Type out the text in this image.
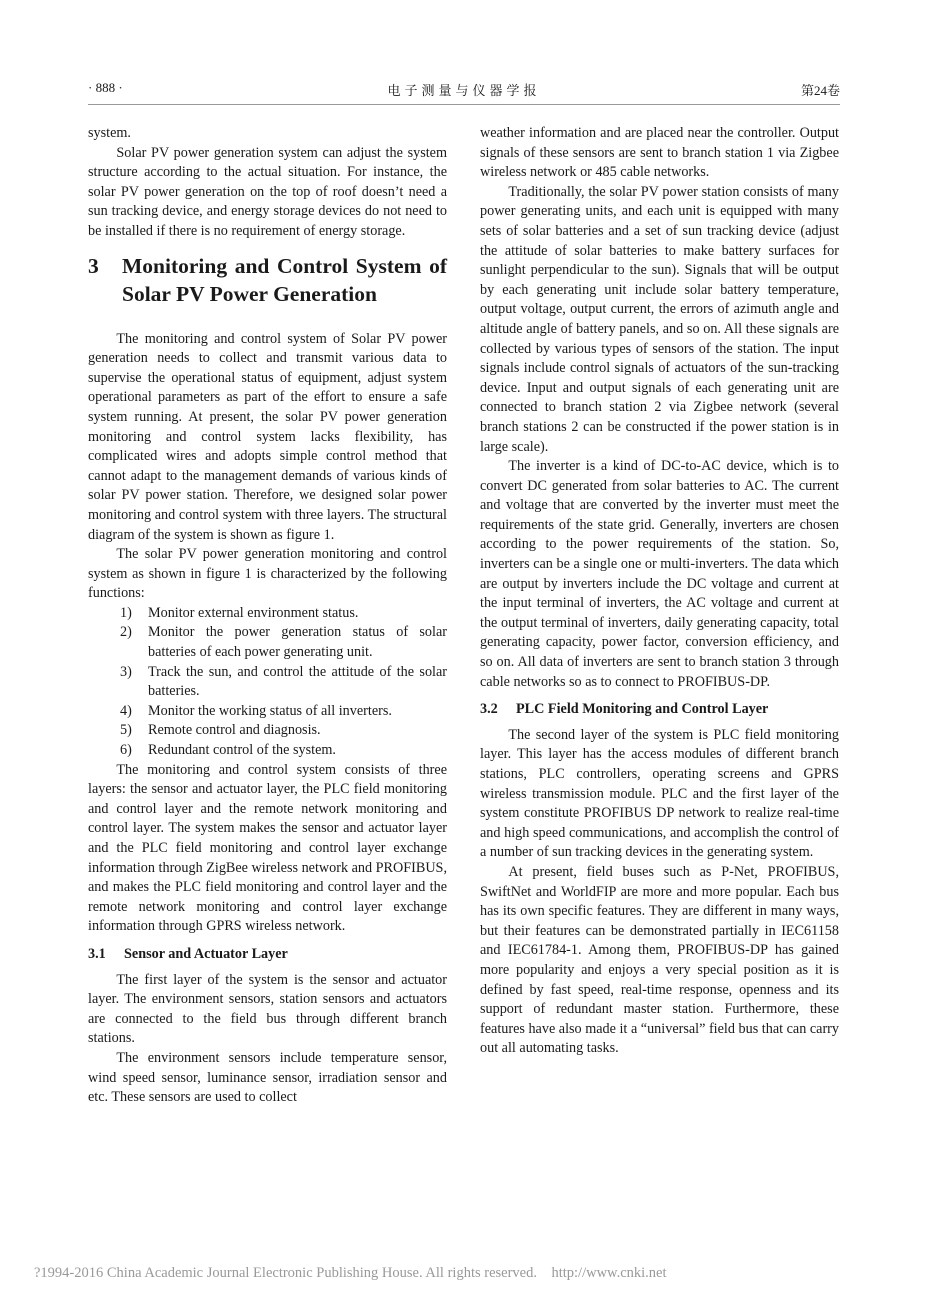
· 888 ·	电子测量与仪器学报	第24卷

system.

Solar PV power generation system can adjust the system structure according to the actual situation. For instance, the solar PV power generation on the top of roof doesn’t need a sun tracking device, and energy storage devices do not need to be installed if there is no requirement of energy storage.

3	Monitoring and Control System of Solar PV Power Generation

The monitoring and control system of Solar PV power generation needs to collect and transmit various data to supervise the operational status of equipment, adjust system operational parameters as part of the effort to ensure a safe system running. At present, the solar PV power generation monitoring and control system lacks flexibility, has complicated wires and adopts simple control method that cannot adapt to the management demands of various kinds of solar PV power station. Therefore, we designed solar power monitoring and control system with three layers. The structural diagram of the system is shown as figure 1.

The solar PV power generation monitoring and control system as shown in figure 1 is characterized by the following functions:

1)	Monitor external environment status.
2)	Monitor the power generation status of solar batteries of each power generating unit.
3)	Track the sun, and control the attitude of the solar batteries.
4)	Monitor the working status of all inverters.
5)	Remote control and diagnosis.
6)	Redundant control of the system.

The monitoring and control system consists of three layers: the sensor and actuator layer, the PLC field monitoring and control layer and the remote network monitoring and control layer. The system makes the sensor and actuator layer and the PLC field monitoring and control layer exchange information through ZigBee wireless network and PROFIBUS, and makes the PLC field monitoring and control layer and the remote network monitoring and control layer exchange information through GPRS wireless network.

3.1 Sensor and Actuator Layer

The first layer of the system is the sensor and actuator layer. The environment sensors, station sensors and actuators are connected to the field bus through different branch stations.

The environment sensors include temperature sensor, wind speed sensor, luminance sensor, irradiation sensor and etc. These sensors are used to collect

weather information and are placed near the controller. Output signals of these sensors are sent to branch station 1 via Zigbee wireless network or 485 cable networks.

Traditionally, the solar PV power station consists of many power generating units, and each unit is equipped with many sets of solar batteries and a set of sun tracking device (adjust the attitude of solar batteries to make battery surfaces for sunlight perpendicular to the sun). Signals that will be output by each generating unit include solar battery temperature, output voltage, output current, the errors of azimuth angle and altitude angle of battery panels, and so on. All these signals are collected by various types of sensors of the station. The input signals include control signals of actuators of the sun-tracking device. Input and output signals of each generating unit are connected to branch station 2 via Zigbee network (several branch stations 2 can be constructed if the power station is in large scale).

The inverter is a kind of DC-to-AC device, which is to convert DC generated from solar batteries to AC. The current and voltage that are converted by the inverter must meet the requirements of the state grid. Generally, inverters are chosen according to the power requirements of the station. So, inverters can be a single one or multi-inverters. The data which are output by inverters include the DC voltage and current at the input terminal of inverters, the AC voltage and current at the output terminal of inverters, daily generating capacity, total generating capacity, power factor, conversion efficiency, and so on. All data of inverters are sent to branch station 3 through cable networks so as to connect to PROFIBUS-DP.

3.2 PLC Field Monitoring and Control Layer

The second layer of the system is PLC field monitoring layer. This layer has the access modules of different branch stations, PLC controllers, operating screens and GPRS wireless transmission module. PLC and the first layer of the system constitute PROFIBUS DP network to realize real-time and high speed communications, and accomplish the control of a number of sun tracking devices in the generating system.

At present, field buses such as P-Net, PROFIBUS, SwiftNet and WorldFIP are more and more popular. Each bus has its own specific features. They are different in many ways, but their features can be demonstrated partially in IEC61158 and IEC61784-1. Among them, PROFIBUS-DP has gained more popularity and enjoys a very special position as it is defined by fast speed, real-time response, openness and its support of redundant master station. Furthermore, these features have also made it a “universal” field bus that can carry out all automating tasks.

?1994-2016 China Academic Journal Electronic Publishing House. All rights reserved. http://www.cnki.net
